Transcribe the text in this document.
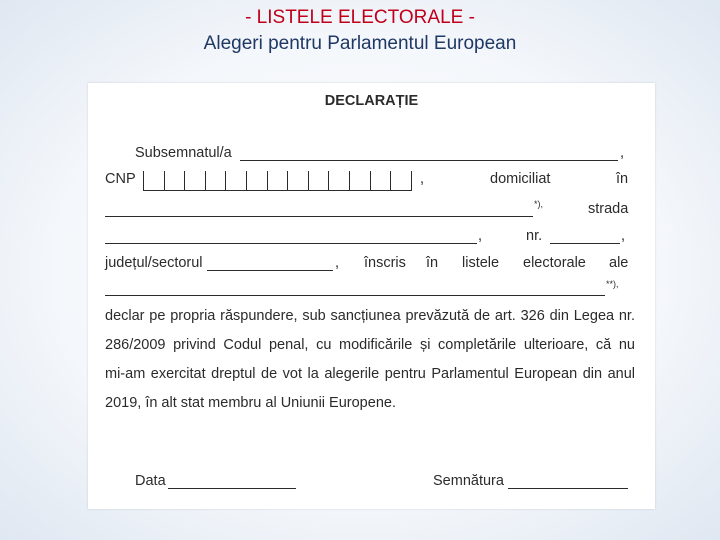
- LISTELE ELECTORALE -
Alegeri pentru Parlamentul European
DECLARAȚIE
Subsemnatul/a	,
CNP	,	domiciliat	în
*),	strada
,	nr.	,
județul/sectorul	, înscris în listele electorale ale
**),
declar pe propria răspundere, sub sancțiunea prevăzută de art. 326 din Legea nr.
286/2009 privind Codul penal, cu modificările și completările ulterioare, că nu
mi-am exercitat dreptul de vot la alegerile pentru Parlamentul European din anul
2019, în alt stat membru al Uniunii Europene.
Data	Semnătura
